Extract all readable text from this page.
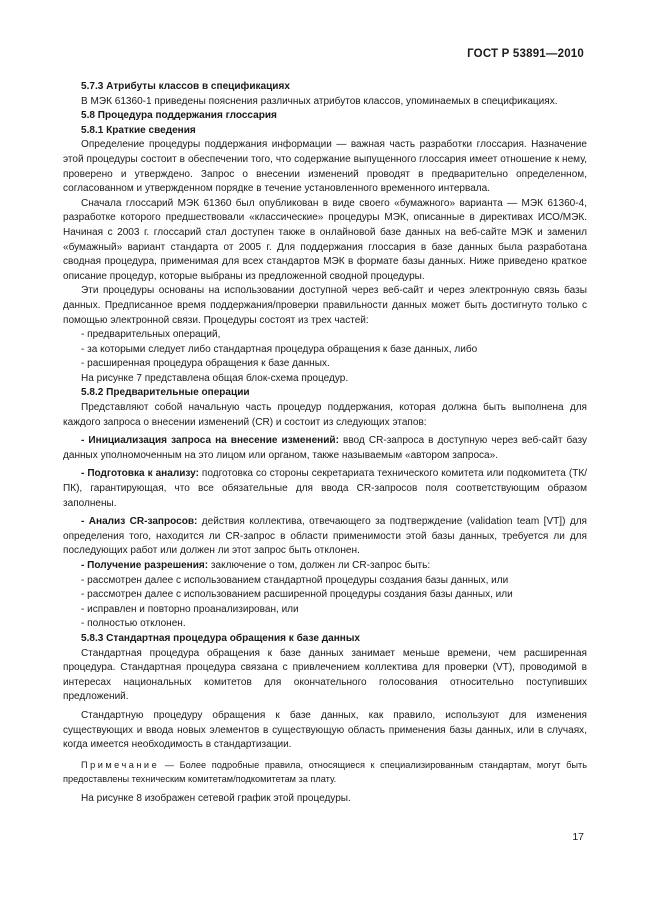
ГОСТ Р 53891—2010

5.7.3 Атрибуты классов в спецификациях

В МЭК 61360-1 приведены пояснения различных атрибутов классов, упоминаемых в спецификациях.

5.8 Процедура поддержания глоссария

5.8.1 Краткие сведения

Определение процедуры поддержания информации — важная часть разработки глоссария. Назначение этой процедуры состоит в обеспечении того, что содержание выпущенного глоссария имеет отношение к нему, проверено и утверждено. Запрос о внесении изменений проводят в предварительно определенном, согласованном и утвержденном порядке в течение установленного временного интервала.

Сначала глоссарий МЭК 61360 был опубликован в виде своего «бумажного» варианта — МЭК 61360-4, разработке которого предшествовали «классические» процедуры МЭК, описанные в директивах ИСО/МЭК. Начиная с 2003 г. глоссарий стал доступен также в онлайновой базе данных на веб-сайте МЭК и заменил «бумажный» вариант стандарта от 2005 г. Для поддержания глоссария в базе данных была разработана сводная процедура, применимая для всех стандартов МЭК в формате базы данных. Ниже приведено краткое описание процедур, которые выбраны из предложенной сводной процедуры.

Эти процедуры основаны на использовании доступной через веб-сайт и через электронную связь базы данных. Предписанное время поддержания/проверки правильности данных может быть достигнуто только с помощью электронной связи. Процедуры состоят из трех частей:

- предварительных операций,

- за которыми следует либо стандартная процедура обращения к базе данных, либо

- расширенная процедура обращения к базе данных.

На рисунке 7 представлена общая блок-схема процедур.

5.8.2 Предварительные операции

Представляют собой начальную часть процедур поддержания, которая должна быть выполнена для каждого запроса о внесении изменений (CR) и состоит из следующих этапов:

- Инициализация запроса на внесение изменений: ввод CR-запроса в доступную через веб-сайт базу данных уполномоченным на это лицом или органом, также называемым «автором запроса».

- Подготовка к анализу: подготовка со стороны секретариата технического комитета или подкомитета (ТК/ПК), гарантирующая, что все обязательные для ввода CR-запросов поля соответствующим образом заполнены.

- Анализ CR-запросов: действия коллектива, отвечающего за подтверждение (validation team [VT]) для определения того, находится ли CR-запрос в области применимости этой базы данных, требуется ли для последующих работ или должен ли этот запрос быть отклонен.

- Получение разрешения: заключение о том, должен ли CR-запрос быть:

- рассмотрен далее с использованием стандартной процедуры создания базы данных, или

- рассмотрен далее с использованием расширенной процедуры создания базы данных, или

- исправлен и повторно проанализирован, или

- полностью отклонен.

5.8.3 Стандартная процедура обращения к базе данных

Стандартная процедура обращения к базе данных занимает меньше времени, чем расширенная процедура. Стандартная процедура связана с привлечением коллектива для проверки (VT), проводимой в интересах национальных комитетов для окончательного голосования относительно поступивших предложений.

Стандартную процедуру обращения к базе данных, как правило, используют для изменения существующих и ввода новых элементов в существующую область применения базы данных, или в случаях, когда имеется необходимость в стандартизации.

Примечание — Более подробные правила, относящиеся к специализированным стандартам, могут быть предоставлены техническим комитетам/подкомитетам за плату.

На рисунке 8 изображен сетевой график этой процедуры.

17
